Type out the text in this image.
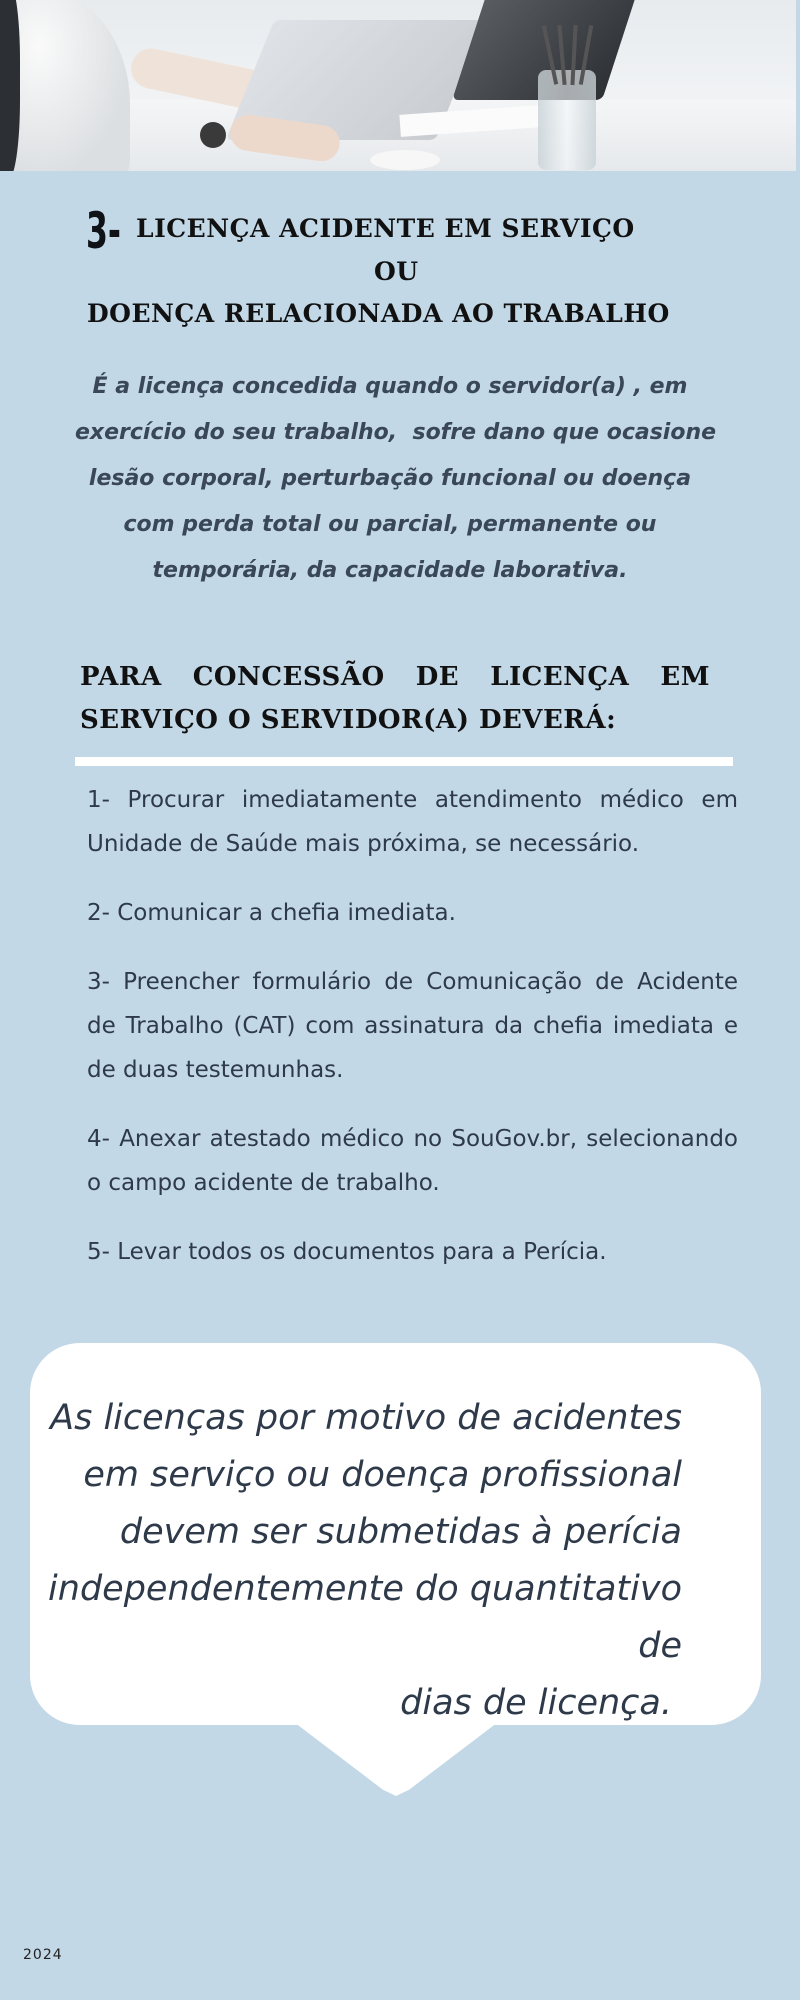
3- LICENÇA ACIDENTE EM SERVIÇO
OU
DOENÇA RELACIONADA AO TRABALHO
É a licença concedida quando o servidor(a) , em
exercício do seu trabalho,  sofre dano que ocasione
lesão corporal, perturbação funcional ou doença
com perda total ou parcial, permanente ou
temporária, da capacidade laborativa.
PARA CONCESSÃO DE LICENÇA EM SERVIÇO O SERVIDOR(A) DEVERÁ:

1- Procurar imediatamente atendimento médico em Unidade de Saúde mais próxima, se necessário.

2- Comunicar a chefia imediata.

3- Preencher formulário de Comunicação de Acidente de Trabalho (CAT) com assinatura da chefia imediata e de duas testemunhas.

4- Anexar atestado médico no SouGov.br, selecionando o campo acidente de trabalho.

5- Levar todos os documentos para a Perícia.

As licenças por motivo de acidentes
em serviço ou doença profissional
devem ser submetidas à perícia
independentemente do quantitativo de
dias de licença.
2024
